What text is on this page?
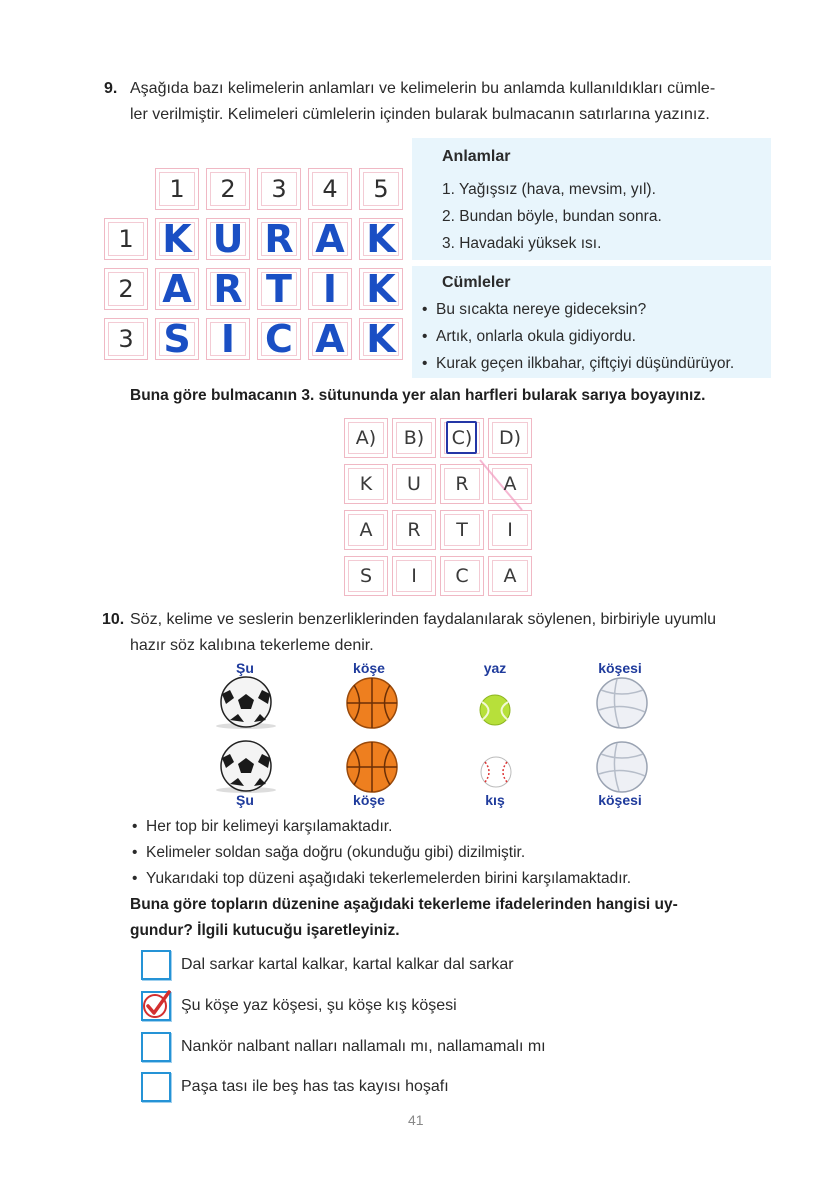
9. Aşağıda bazı kelimelerin anlamları ve kelimelerin bu anlamda kullanıldıkları cümle-
ler verilmiştir. Kelimeleri cümlelerin içinden bularak bulmacanın satırlarına yazınız.
1 2 3 4 5
1 K U R A K
2 A R T I K
3 S I C A K
Anlamlar
1. Yağışsız (hava, mevsim, yıl).
2. Bundan böyle, bundan sonra.
3. Havadaki yüksek ısı.
Cümleler
•  Bu sıcakta nereye gideceksin?
•  Artık, onlarla okula gidiyordu.
•  Kurak geçen ilkbahar, çiftçiyi düşündürüyor.
Buna göre bulmacanın 3. sütununda yer alan harfleri bularak sarıya boyayınız.
A) B) C) D)
K U R A
A R T I
S I C A
10. Söz, kelime ve seslerin benzerliklerinden faydalanılarak söylenen, birbiriyle uyumlu
hazır söz kalıbına tekerleme denir.
Şu	köşe	yaz	köşesi
Şu	köşe	kış	köşesi
•  Her top bir kelimeyi karşılamaktadır.
•  Kelimeler soldan sağa doğru (okunduğu gibi) dizilmiştir.
•  Yukarıdaki top düzeni aşağıdaki tekerlemelerden birini karşılamaktadır.
Buna göre topların düzenine aşağıdaki tekerleme ifadelerinden hangisi uy-
gundur? İlgili kutucuğu işaretleyiniz.
Dal sarkar kartal kalkar, kartal kalkar dal sarkar
Şu köşe yaz köşesi, şu köşe kış köşesi
Nankör nalbant nalları nallamalı mı, nallamamalı mı
Paşa tası ile beş has tas kayısı hoşafı
41
